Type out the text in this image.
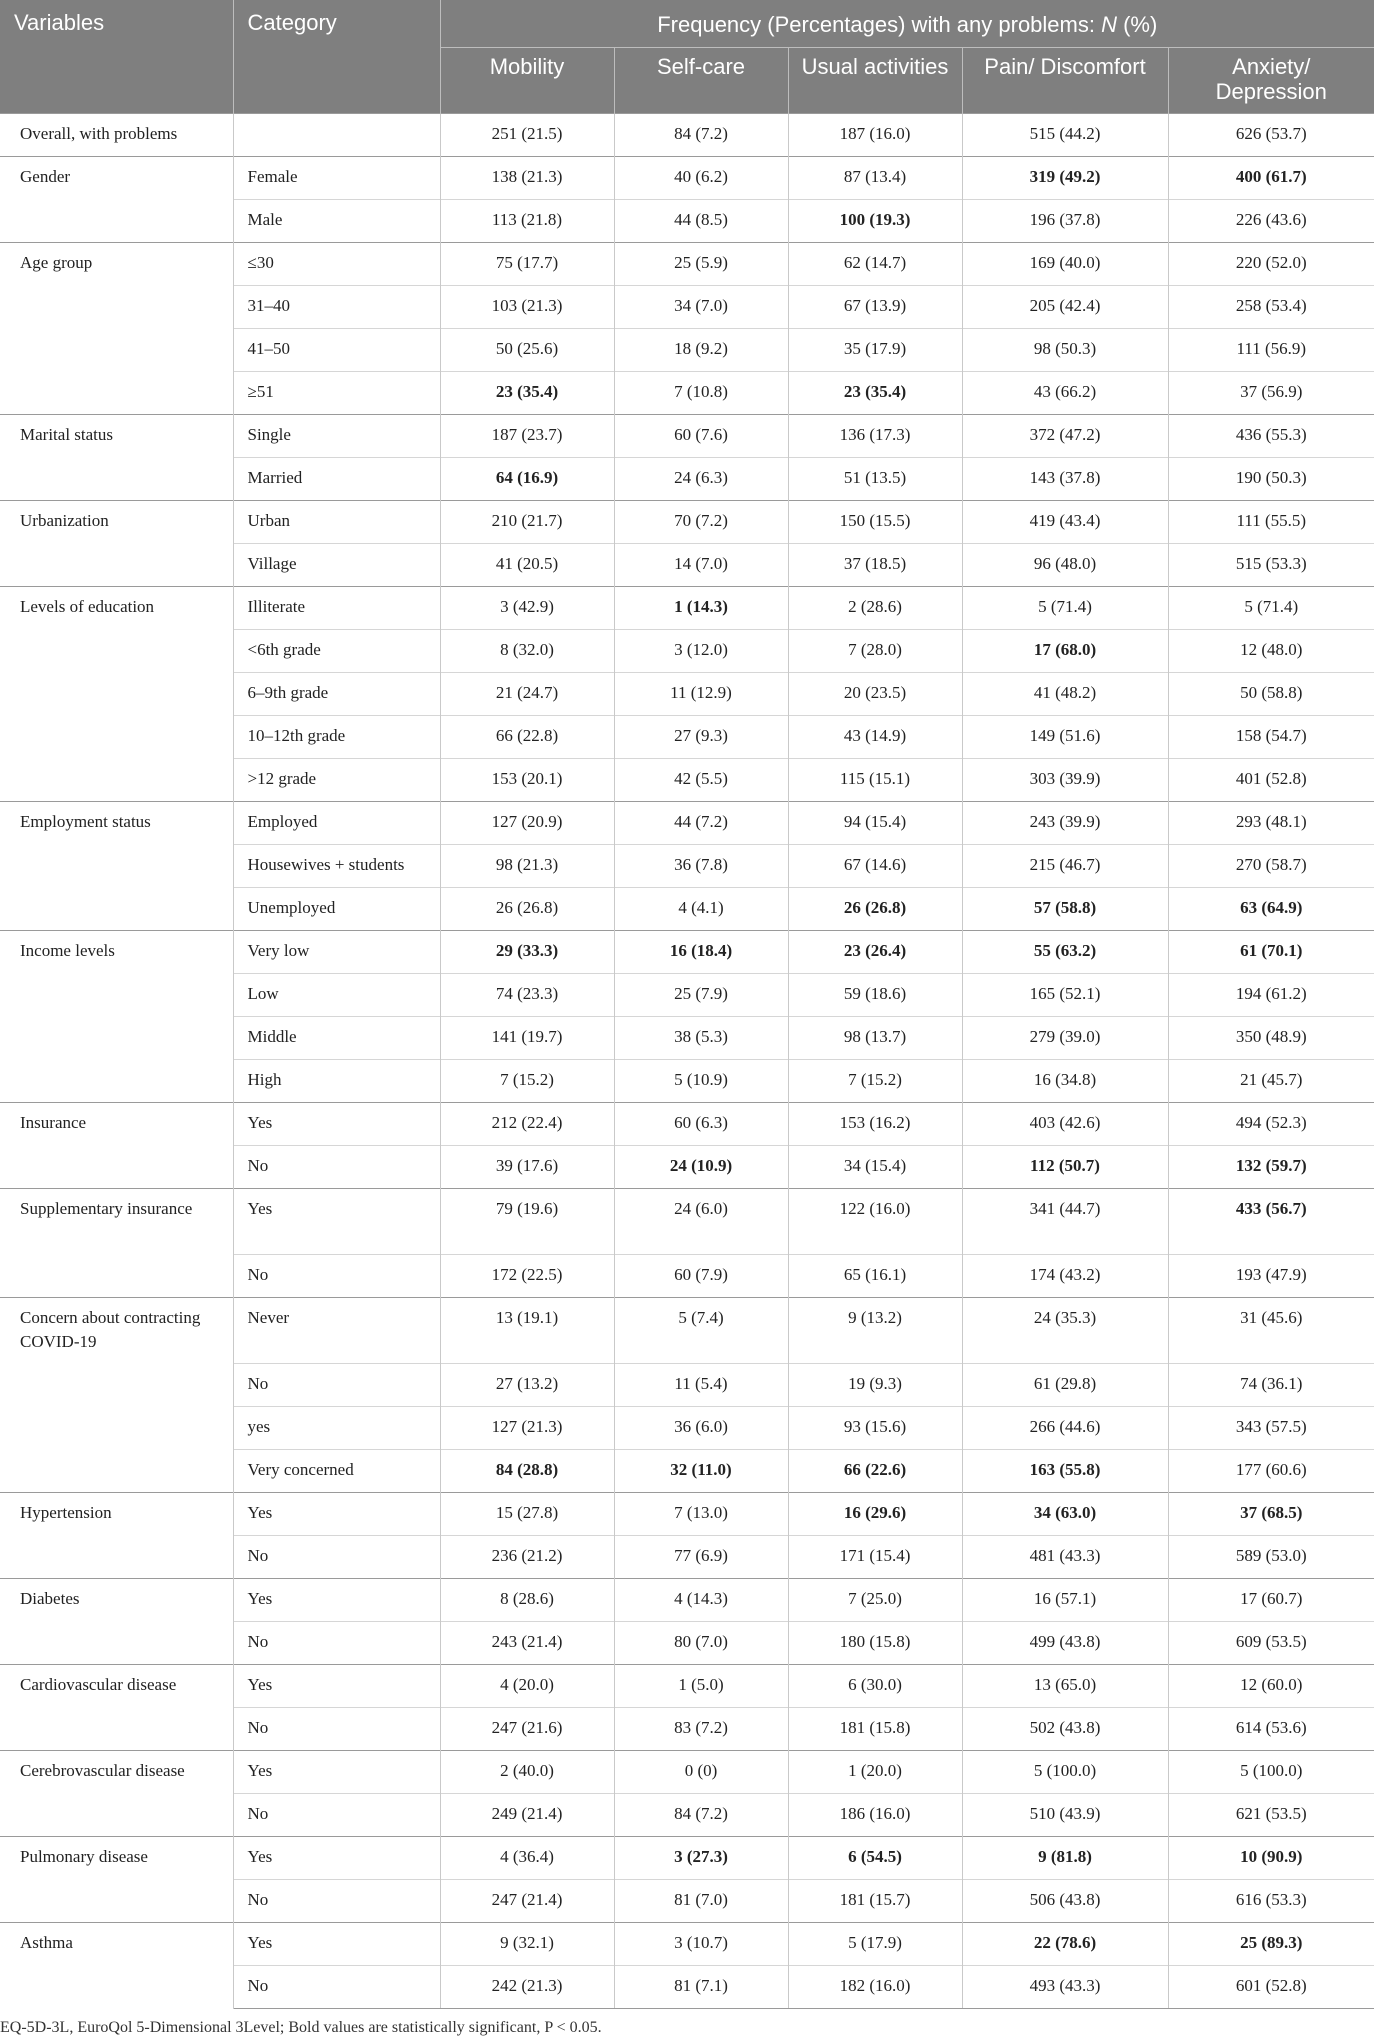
Variables	Category	Frequency (Percentages) with any problems: N (%)				
		Mobility	Self-care	Usual activities	Pain/ Discomfort	Anxiety/ Depression
Overall, with problems		251 (21.5)	84 (7.2)	187 (16.0)	515 (44.2)	626 (53.7)
Gender	Female	138 (21.3)	40 (6.2)	87 (13.4)	319 (49.2)	400 (61.7)
	Male	113 (21.8)	44 (8.5)	100 (19.3)	196 (37.8)	226 (43.6)
Age group	≤30	75 (17.7)	25 (5.9)	62 (14.7)	169 (40.0)	220 (52.0)
	31–40	103 (21.3)	34 (7.0)	67 (13.9)	205 (42.4)	258 (53.4)
	41–50	50 (25.6)	18 (9.2)	35 (17.9)	98 (50.3)	111 (56.9)
	≥51	23 (35.4)	7 (10.8)	23 (35.4)	43 (66.2)	37 (56.9)
Marital status	Single	187 (23.7)	60 (7.6)	136 (17.3)	372 (47.2)	436 (55.3)
	Married	64 (16.9)	24 (6.3)	51 (13.5)	143 (37.8)	190 (50.3)
Urbanization	Urban	210 (21.7)	70 (7.2)	150 (15.5)	419 (43.4)	111 (55.5)
	Village	41 (20.5)	14 (7.0)	37 (18.5)	96 (48.0)	515 (53.3)
Levels of education	Illiterate	3 (42.9)	1 (14.3)	2 (28.6)	5 (71.4)	5 (71.4)
	<6th grade	8 (32.0)	3 (12.0)	7 (28.0)	17 (68.0)	12 (48.0)
	6–9th grade	21 (24.7)	11 (12.9)	20 (23.5)	41 (48.2)	50 (58.8)
	10–12th grade	66 (22.8)	27 (9.3)	43 (14.9)	149 (51.6)	158 (54.7)
	>12 grade	153 (20.1)	42 (5.5)	115 (15.1)	303 (39.9)	401 (52.8)
Employment status	Employed	127 (20.9)	44 (7.2)	94 (15.4)	243 (39.9)	293 (48.1)
	Housewives + students	98 (21.3)	36 (7.8)	67 (14.6)	215 (46.7)	270 (58.7)
	Unemployed	26 (26.8)	4 (4.1)	26 (26.8)	57 (58.8)	63 (64.9)
Income levels	Very low	29 (33.3)	16 (18.4)	23 (26.4)	55 (63.2)	61 (70.1)
	Low	74 (23.3)	25 (7.9)	59 (18.6)	165 (52.1)	194 (61.2)
	Middle	141 (19.7)	38 (5.3)	98 (13.7)	279 (39.0)	350 (48.9)
	High	7 (15.2)	5 (10.9)	7 (15.2)	16 (34.8)	21 (45.7)
Insurance	Yes	212 (22.4)	60 (6.3)	153 (16.2)	403 (42.6)	494 (52.3)
	No	39 (17.6)	24 (10.9)	34 (15.4)	112 (50.7)	132 (59.7)
Supplementary insurance	Yes	79 (19.6)	24 (6.0)	122 (16.0)	341 (44.7)	433 (56.7)
	No	172 (22.5)	60 (7.9)	65 (16.1)	174 (43.2)	193 (47.9)
Concern about contracting COVID-19	Never	13 (19.1)	5 (7.4)	9 (13.2)	24 (35.3)	31 (45.6)
	No	27 (13.2)	11 (5.4)	19 (9.3)	61 (29.8)	74 (36.1)
	yes	127 (21.3)	36 (6.0)	93 (15.6)	266 (44.6)	343 (57.5)
	Very concerned	84 (28.8)	32 (11.0)	66 (22.6)	163 (55.8)	177 (60.6)
Hypertension	Yes	15 (27.8)	7 (13.0)	16 (29.6)	34 (63.0)	37 (68.5)
	No	236 (21.2)	77 (6.9)	171 (15.4)	481 (43.3)	589 (53.0)
Diabetes	Yes	8 (28.6)	4 (14.3)	7 (25.0)	16 (57.1)	17 (60.7)
	No	243 (21.4)	80 (7.0)	180 (15.8)	499 (43.8)	609 (53.5)
Cardiovascular disease	Yes	4 (20.0)	1 (5.0)	6 (30.0)	13 (65.0)	12 (60.0)
	No	247 (21.6)	83 (7.2)	181 (15.8)	502 (43.8)	614 (53.6)
Cerebrovascular disease	Yes	2 (40.0)	0 (0)	1 (20.0)	5 (100.0)	5 (100.0)
	No	249 (21.4)	84 (7.2)	186 (16.0)	510 (43.9)	621 (53.5)
Pulmonary disease	Yes	4 (36.4)	3 (27.3)	6 (54.5)	9 (81.8)	10 (90.9)
	No	247 (21.4)	81 (7.0)	181 (15.7)	506 (43.8)	616 (53.3)
Asthma	Yes	9 (32.1)	3 (10.7)	5 (17.9)	22 (78.6)	25 (89.3)
	No	242 (21.3)	81 (7.1)	182 (16.0)	493 (43.3)	601 (52.8)
EQ-5D-3L, EuroQol 5-Dimensional 3Level; Bold values are statistically significant, P < 0.05.
